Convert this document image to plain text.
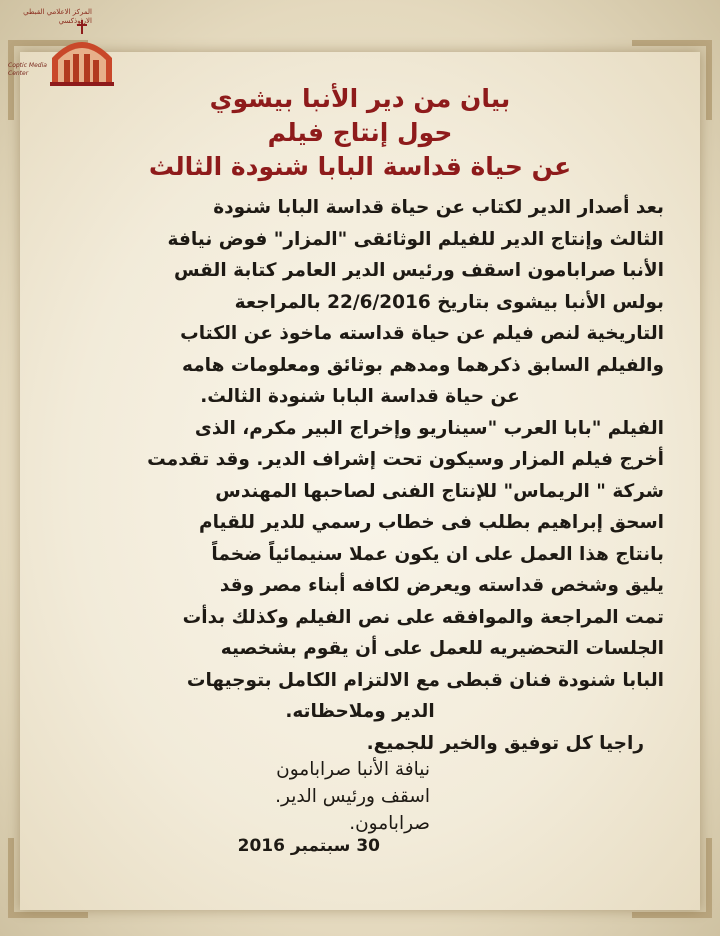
المركز الاعلامي القبطي الارثوذكسي
Coptic Media Center
بيان من دير الأنبا بيشوي
حول إنتاج فيلم
عن حياة قداسة البابا شنودة الثالث
بعد أصدار الدير لكتاب عن حياة قداسة البابا شنودة
الثالث وإنتاج الدير للفيلم الوثائقى "المزار" فوض نيافة
الأنبا صرابامون اسقف ورئيس الدير العامر كتابة القس
بولس الأنبا بيشوى بتاريخ 22/6/2016 بالمراجعة
التاريخية لنص فيلم عن حياة قداسته ماخوذ عن الكتاب
والفيلم السابق ذكرهما ومدهم بوثائق ومعلومات هامه
عن حياة قداسة البابا شنودة الثالث.
الفيلم "بابا العرب "سيناريو وإخراج البير مكرم، الذى
أخرج فيلم المزار وسيكون تحت إشراف الدير. وقد تقدمت
شركة " الريماس" للإنتاج الفنى لصاحبها المهندس
اسحق إبراهيم بطلب فى خطاب رسمي للدير للقيام
بانتاج هذا العمل على ان يكون عملا سنيمائياً ضخماً
يليق وشخص قداسته ويعرض لكافه أبناء مصر وقد
تمت المراجعة والموافقه على نص الفيلم وكذلك بدأت
الجلسات التحضيريه للعمل على أن يقوم بشخصيه
البابا شنودة فنان قبطى مع الالتزام الكامل بتوجيهات
الدير وملاحظاته.
راجيا كل توفيق والخير للجميع.
نيافة الأنبا صرابامون
اسقف ورئيس الدير.
صرابامون.
30 سبتمبر 2016
